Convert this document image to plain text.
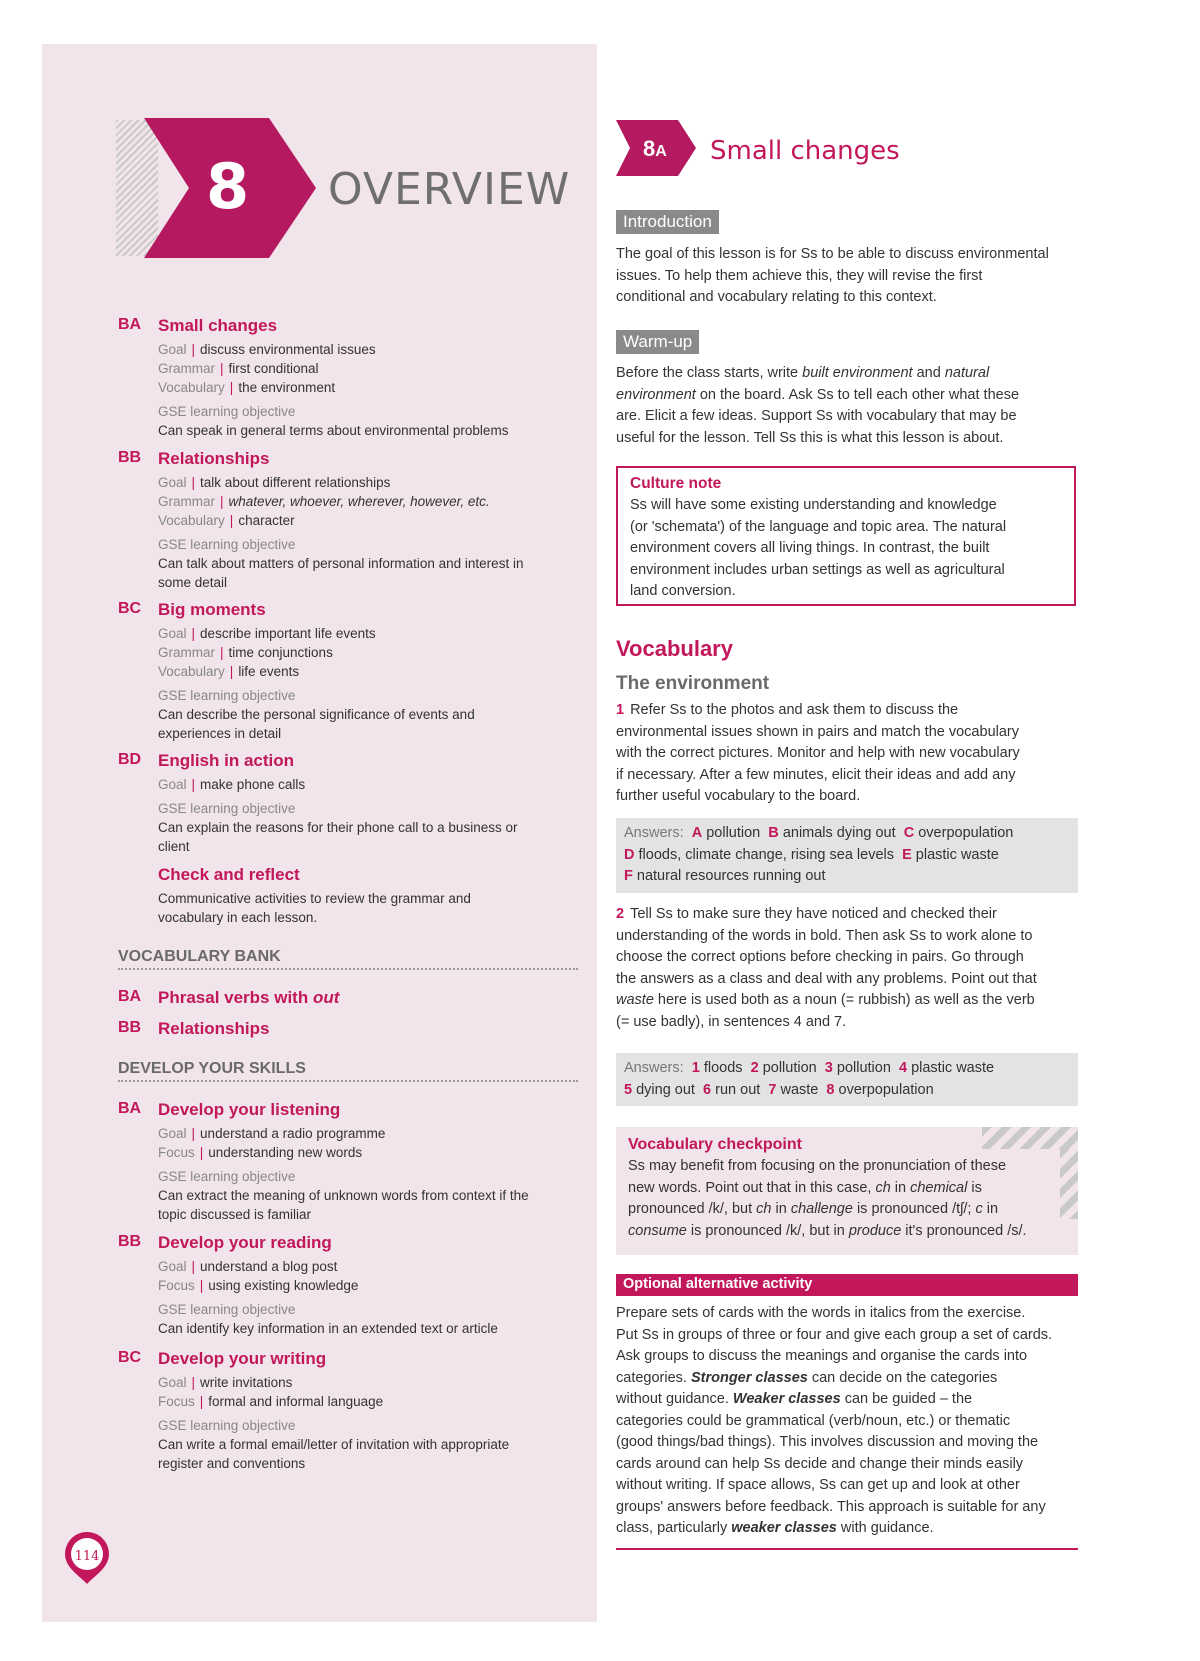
8 OVERVIEW
BA Small changes
Goal | discuss environmental issues
Grammar | first conditional
Vocabulary | the environment
GSE learning objective
Can speak in general terms about environmental problems
BB Relationships
Goal | talk about different relationships
Grammar | whatever, whoever, wherever, however, etc.
Vocabulary | character
GSE learning objective
Can talk about matters of personal information and interest in
some detail
BC Big moments
Goal | describe important life events
Grammar | time conjunctions
Vocabulary | life events
GSE learning objective
Can describe the personal significance of events and
experiences in detail
BD English in action
Goal | make phone calls
GSE learning objective
Can explain the reasons for their phone call to a business or
client
Check and reflect
Communicative activities to review the grammar and
vocabulary in each lesson.
VOCABULARY BANK
BA Phrasal verbs with out
BB Relationships
DEVELOP YOUR SKILLS
BA Develop your listening
Goal | understand a radio programme
Focus | understanding new words
GSE learning objective
Can extract the meaning of unknown words from context if the
topic discussed is familiar
BB Develop your reading
Goal | understand a blog post
Focus | using existing knowledge
GSE learning objective
Can identify key information in an extended text or article
BC Develop your writing
Goal | write invitations
Focus | formal and informal language
GSE learning objective
Can write a formal email/letter of invitation with appropriate
register and conventions
114
8A Small changes
Introduction
The goal of this lesson is for Ss to be able to discuss environmental
issues. To help them achieve this, they will revise the first
conditional and vocabulary relating to this context.
Warm-up
Before the class starts, write built environment and natural
environment on the board. Ask Ss to tell each other what these
are. Elicit a few ideas. Support Ss with vocabulary that may be
useful for the lesson. Tell Ss this is what this lesson is about.
Culture note
Ss will have some existing understanding and knowledge
(or 'schemata') of the language and topic area. The natural
environment covers all living things. In contrast, the built
environment includes urban settings as well as agricultural
land conversion.
Vocabulary
The environment
1 Refer Ss to the photos and ask them to discuss the
environmental issues shown in pairs and match the vocabulary
with the correct pictures. Monitor and help with new vocabulary
if necessary. After a few minutes, elicit their ideas and add any
further useful vocabulary to the board.
Answers: A pollution B animals dying out C overpopulation
D floods, climate change, rising sea levels E plastic waste
F natural resources running out
2 Tell Ss to make sure they have noticed and checked their
understanding of the words in bold. Then ask Ss to work alone to
choose the correct options before checking in pairs. Go through
the answers as a class and deal with any problems. Point out that
waste here is used both as a noun (= rubbish) as well as the verb
(= use badly), in sentences 4 and 7.
Answers: 1 floods 2 pollution 3 pollution 4 plastic waste
5 dying out 6 run out 7 waste 8 overpopulation
Vocabulary checkpoint
Ss may benefit from focusing on the pronunciation of these
new words. Point out that in this case, ch in chemical is
pronounced /k/, but ch in challenge is pronounced /tʃ/; c in
consume is pronounced /k/, but in produce it's pronounced /s/.
Optional alternative activity
Prepare sets of cards with the words in italics from the exercise.
Put Ss in groups of three or four and give each group a set of cards.
Ask groups to discuss the meanings and organise the cards into
categories. Stronger classes can decide on the categories
without guidance. Weaker classes can be guided – the
categories could be grammatical (verb/noun, etc.) or thematic
(good things/bad things). This involves discussion and moving the
cards around can help Ss decide and change their minds easily
without writing. If space allows, Ss can get up and look at other
groups' answers before feedback. This approach is suitable for any
class, particularly weaker classes with guidance.
